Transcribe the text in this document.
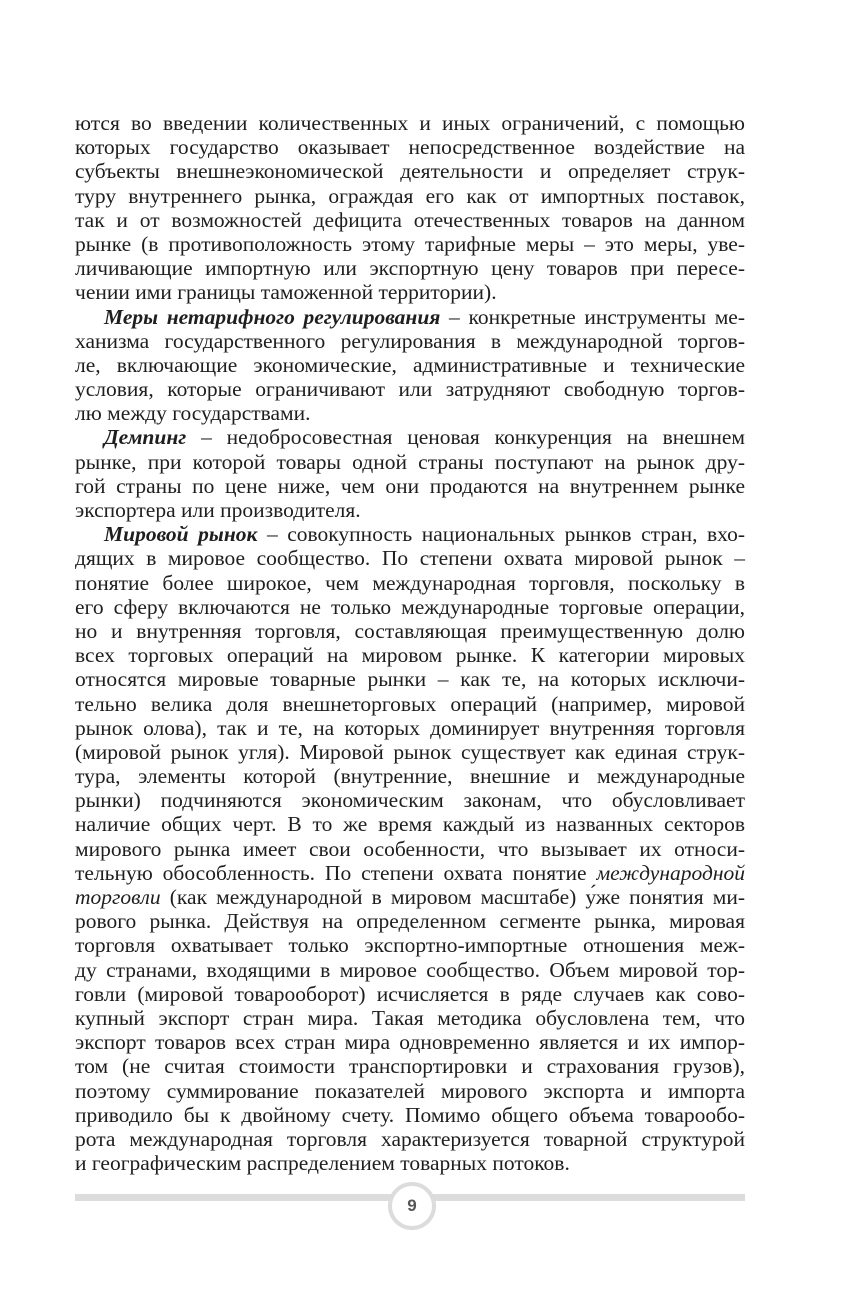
ются во введении количественных и иных ограничений, с помощью
которых государство оказывает непосредственное воздействие на
субъекты внешнеэкономической деятельности и определяет струк-
туру внутреннего рынка, ограждая его как от импортных поставок,
так и от возможностей дефицита отечественных товаров на данном
рынке (в противоположность этому тарифные меры – это меры, уве-
личивающие импортную или экспортную цену товаров при пересе-
чении ими границы таможенной территории).
Меры нетарифного регулирования – конкретные инструменты ме-
ханизма государственного регулирования в международной торгов-
ле, включающие экономические, административные и технические
условия, которые ограничивают или затрудняют свободную торгов-
лю между государствами.
Демпинг – недобросовестная ценовая конкуренция на внешнем
рынке, при которой товары одной страны поступают на рынок дру-
гой страны по цене ниже, чем они продаются на внутреннем рынке
экспортера или производителя.
Мировой рынок – совокупность национальных рынков стран, вхо-
дящих в мировое сообщество. По степени охвата мировой рынок –
понятие более широкое, чем международная торговля, поскольку в
его сферу включаются не только международные торговые операции,
но и внутренняя торговля, составляющая преимущественную долю
всех торговых операций на мировом рынке. К категории мировых
относятся мировые товарные рынки – как те, на которых исключи-
тельно велика доля внешнеторговых операций (например, мировой
рынок олова), так и те, на которых доминирует внутренняя торговля
(мировой рынок угля). Мировой рынок существует как единая струк-
тура, элементы которой (внутренние, внешние и международные
рынки) подчиняются экономическим законам, что обусловливает
наличие общих черт. В то же время каждый из названных секторов
мирового рынка имеет свои особенности, что вызывает их относи-
тельную обособленность. По степени охвата понятие международной
торговли (как международной в мировом масштабе) у́же понятия ми-
рового рынка. Действуя на определенном сегменте рынка, мировая
торговля охватывает только экспортно-импортные отношения меж-
ду странами, входящими в мировое сообщество. Объем мировой тор-
говли (мировой товарооборот) исчисляется в ряде случаев как сово-
купный экспорт стран мира. Такая методика обусловлена тем, что
экспорт товаров всех стран мира одновременно является и их импор-
том (не считая стоимости транспортировки и страхования грузов),
поэтому суммирование показателей мирового экспорта и импорта
приводило бы к двойному счету. Помимо общего объема товарообо-
рота международная торговля характеризуется товарной структурой
и географическим распределением товарных потоков.
9
